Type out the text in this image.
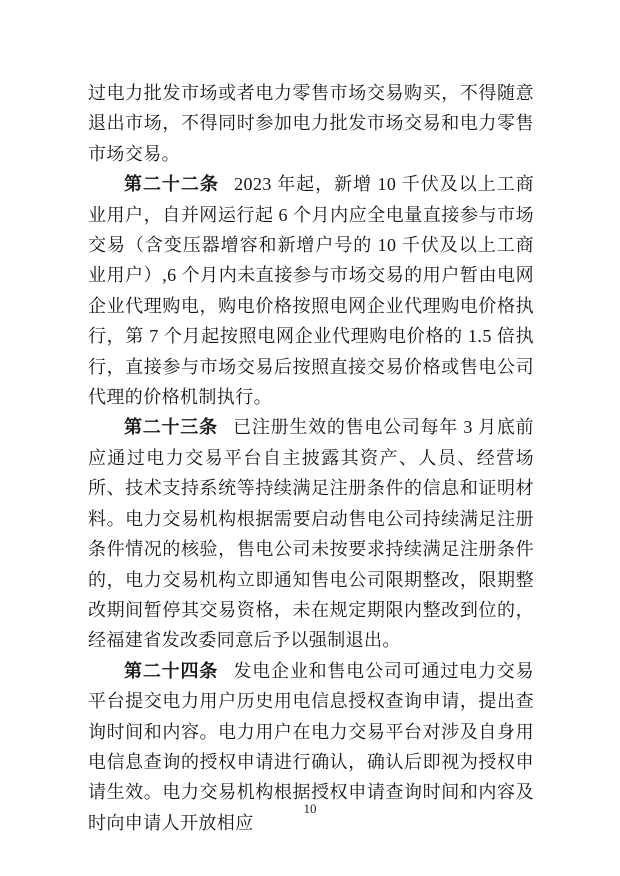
过电力批发市场或者电力零售市场交易购买，不得随意退出市场，不得同时参加电力批发市场交易和电力零售市场交易。

第二十二条 2023 年起，新增 10 千伏及以上工商业用户，自并网运行起 6 个月内应全电量直接参与市场交易（含变压器增容和新增户号的 10 千伏及以上工商业用户）,6 个月内未直接参与市场交易的用户暂由电网企业代理购电，购电价格按照电网企业代理购电价格执行，第 7 个月起按照电网企业代理购电价格的 1.5 倍执行，直接参与市场交易后按照直接交易价格或售电公司代理的价格机制执行。

第二十三条 已注册生效的售电公司每年 3 月底前应通过电力交易平台自主披露其资产、人员、经营场所、技术支持系统等持续满足注册条件的信息和证明材料。电力交易机构根据需要启动售电公司持续满足注册条件情况的核验，售电公司未按要求持续满足注册条件的，电力交易机构立即通知售电公司限期整改，限期整改期间暂停其交易资格，未在规定期限内整改到位的，经福建省发改委同意后予以强制退出。

第二十四条 发电企业和售电公司可通过电力交易平台提交电力用户历史用电信息授权查询申请，提出查询时间和内容。电力用户在电力交易平台对涉及自身用电信息查询的授权申请进行确认，确认后即视为授权申请生效。电力交易机构根据授权申请查询时间和内容及时向申请人开放相应

10
